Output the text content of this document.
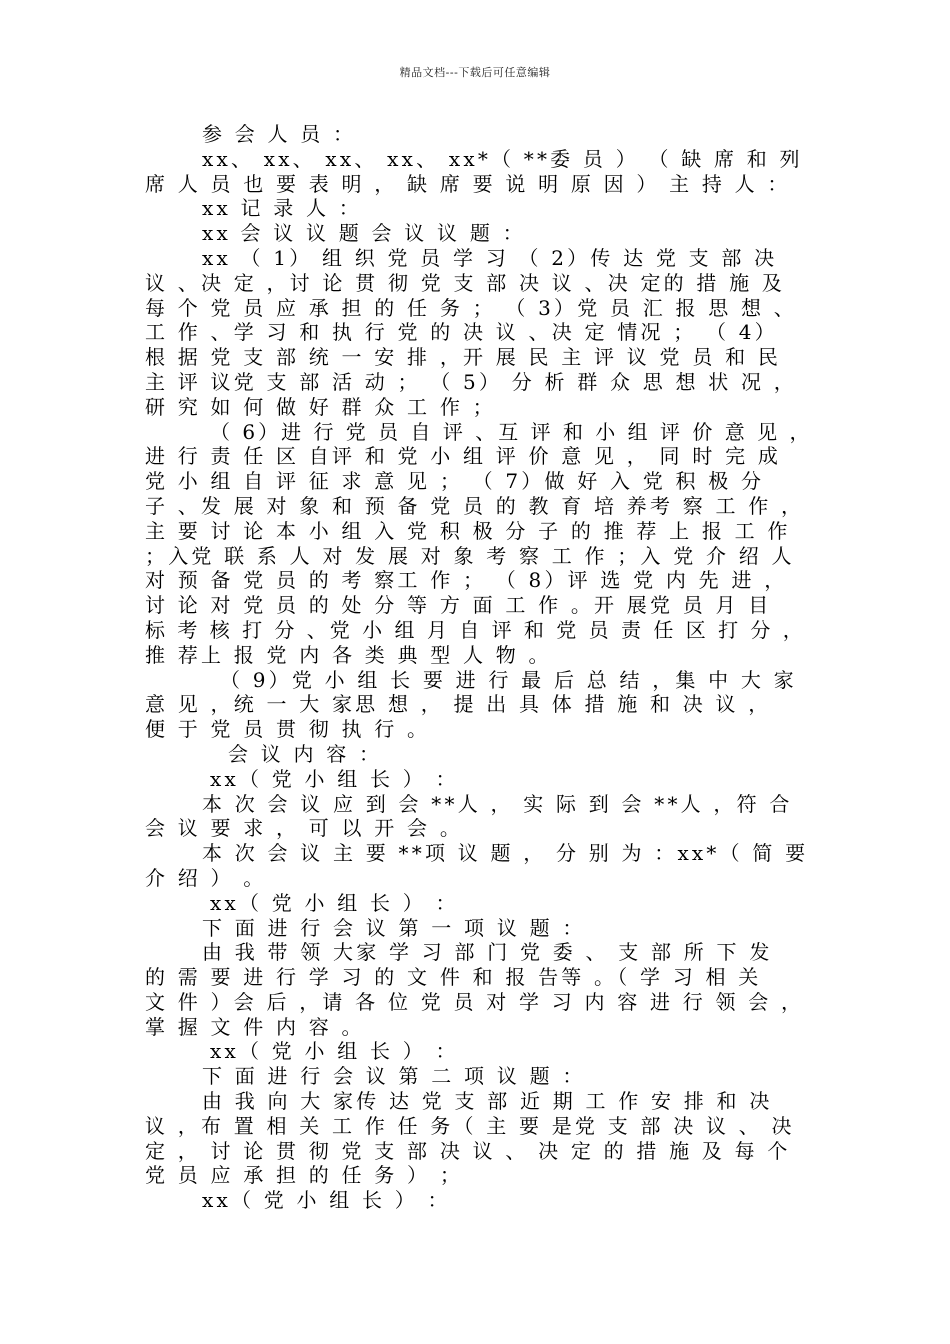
精品文档---下载后可任意编辑
参 会 人 员 ：
xx、 xx、 xx、 xx、 xx*（ **委 员 ） （ 缺 席 和 列
席 人 员 也 要 表 明 ， 缺 席 要 说 明 原 因 ） 主 持 人 ：
xx 记 录 人 ：
xx 会 议 议 题 会 议 议 题 ：
xx （ 1） 组 织 党 员 学 习 （ 2）传 达 党 支 部 决
议 、决 定 ，讨 论 贯 彻 党 支 部 决 议 、决 定的 措 施 及
每 个 党 员 应 承 担 的 任 务 ； （ 3）党 员 汇 报 思 想 、
工 作 、学 习 和 执 行 党 的 决 议 、决 定 情况 ； （ 4）
根 据 党 支 部 统 一 安 排 ，开 展 民 主 评 议 党 员 和 民
主 评 议党 支 部 活 动 ； （ 5） 分 析 群 众 思 想 状 况 ，
研 究 如 何 做 好 群 众 工 作 ；
（ 6）进 行 党 员 自 评 、互 评 和 小 组 评 价 意 见 ，
进 行 责 任 区 自评 和 党 小 组 评 价 意 见 ， 同 时 完 成
党 小 组 自 评 征 求 意 见 ； （ 7）做 好 入 党 积 极 分
子 、发 展 对 象 和 预 备 党 员 的 教 育 培 养考 察 工 作 ，
主 要 讨 论 本 小 组 入 党 积 极 分 子 的 推 荐 上 报 工 作
；入党 联 系 人 对 发 展 对 象 考 察 工 作 ；入 党 介 绍 人
对 预 备 党 员 的 考 察工 作 ； （ 8）评 选 党 内 先 进 ，
讨 论 对 党 员 的 处 分 等 方 面 工 作 。开 展党 员 月 目
标 考 核 打 分 、党 小 组 月 自 评 和 党 员 责 任 区 打 分 ，
推 荐上 报 党 内 各 类 典 型 人 物 。
（ 9）党 小 组 长 要 进 行 最 后 总 结 ，集 中 大 家
意 见 ，统 一 大 家思 想 ， 提 出 具 体 措 施 和 决 议 ，
便 于 党 员 贯 彻 执 行 。
会 议 内 容 ：
xx（ 党 小 组 长 ） ：
本 次 会 议 应 到 会 **人 ， 实 际 到 会 **人 ，符 合
会 议 要 求 ， 可 以 开 会 。
本 次 会 议 主 要 **项 议 题 ， 分 别 为 ：xx*（ 简 要
介 绍 ） 。
xx（ 党 小 组 长 ） ：
下 面 进 行 会 议 第 一 项 议 题 ：
由 我 带 领 大家 学 习 部 门 党 委 、 支 部 所 下 发
的 需 要 进 行 学 习 的 文 件 和 报 告等 。（ 学 习 相 关
文 件 ）会 后 ，请 各 位 党 员 对 学 习 内 容 进 行 领 会 ，
掌 握 文 件 内 容 。
xx（ 党 小 组 长 ） ：
下 面 进 行 会 议 第 二 项 议 题 ：
由 我 向 大 家传 达 党 支 部 近 期 工 作 安 排 和 决
议 ，布 置 相 关 工 作 任 务（ 主 要 是党 支 部 决 议 、 决
定 ， 讨 论 贯 彻 党 支 部 决 议 、 决 定 的 措 施 及 每 个
党 员 应 承 担 的 任 务 ） ；
xx（ 党 小 组 长 ） ：
